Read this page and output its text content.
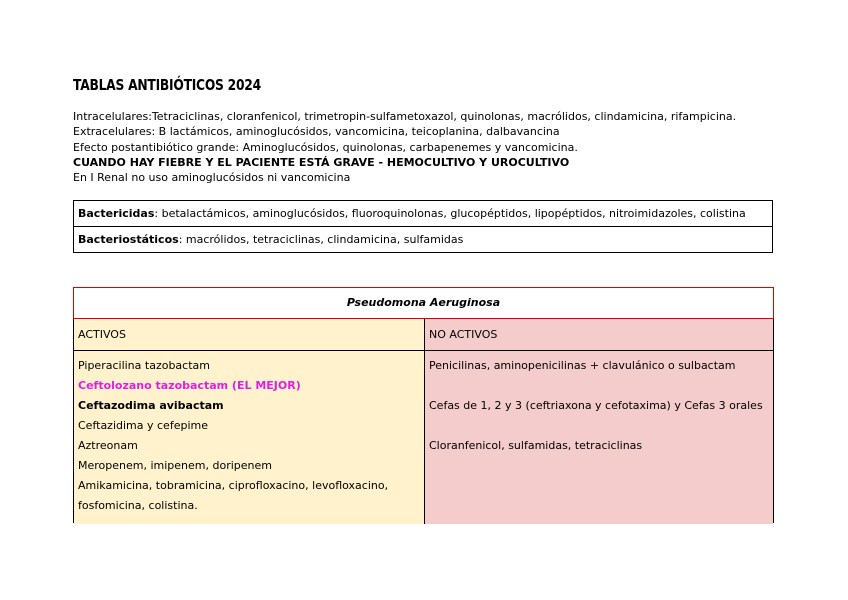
TABLAS ANTIBIÓTICOS 2024
Intracelulares:Tetraciclinas, cloranfenicol, trimetropin-sulfametoxazol, quinolonas, macrólidos, clindamicina, rifampicina.
Extracelulares: B lactámicos, aminoglucósidos, vancomicina, teicoplanina, dalbavancina
Efecto postantibiótico grande: Aminoglucósidos, quinolonas, carbapenemes y vancomicina.
CUANDO HAY FIEBRE Y EL PACIENTE ESTÁ GRAVE - HEMOCULTIVO Y UROCULTIVO
En I Renal no uso aminoglucósidos ni vancomicina
Bactericidas: betalactámicos, aminoglucósidos, fluoroquinolonas, glucopéptidos, lipopéptidos, nitroimidazoles, colistina
Bacteriostáticos: macrólidos, tetraciclinas, clindamicina, sulfamidas
Pseudomona Aeruginosa
ACTIVOS
Piperacilina tazobactam
Ceftolozano tazobactam (EL MEJOR)
Ceftazodima avibactam
Ceftazidima y cefepime
Aztreonam
Meropenem, imipenem, doripenem
Amikamicina, tobramicina, ciprofloxacino, levofloxacino,
fosfomicina, colistina.
NO ACTIVOS
Penicilinas, aminopenicilinas + clavulánico o sulbactam
Cefas de 1, 2 y 3 (ceftriaxona y cefotaxima) y Cefas 3 orales
Cloranfenicol, sulfamidas, tetraciclinas
